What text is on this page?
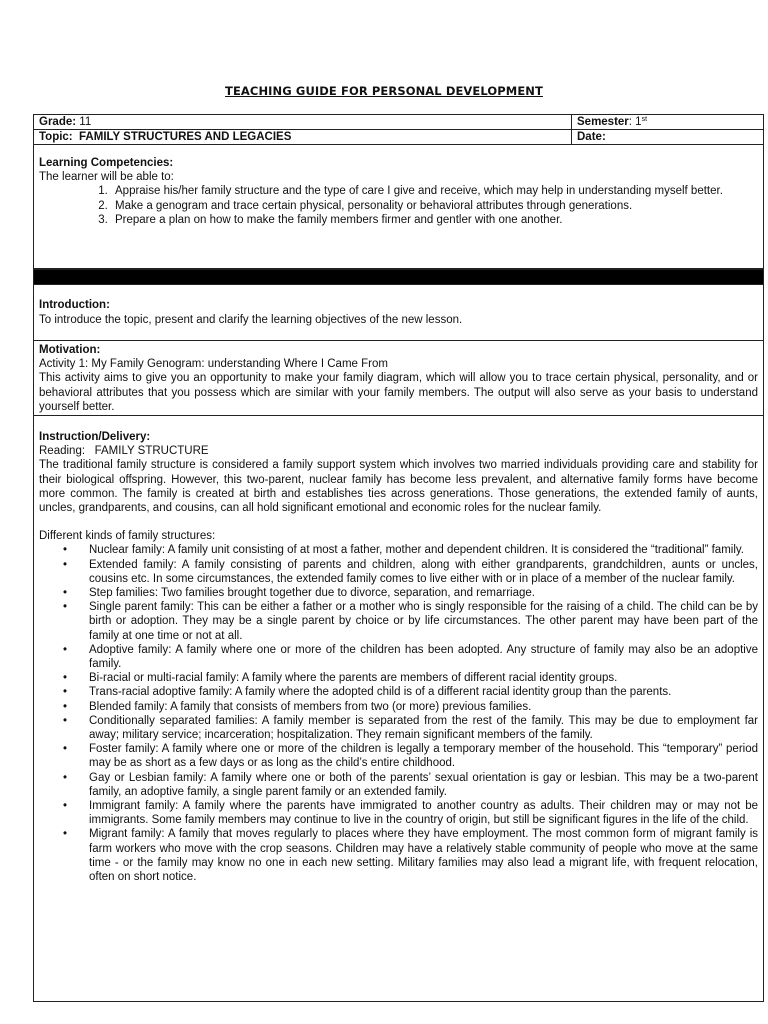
TEACHING GUIDE FOR PERSONAL DEVELOPMENT
Grade: 11	Semester: 1st
Topic: FAMILY STRUCTURES AND LEGACIES	Date:
Learning Competencies:
The learner will be able to:
1. Appraise his/her family structure and the type of care I give and receive, which may help in understanding myself better.
2. Make a genogram and trace certain physical, personality or behavioral attributes through generations.
3. Prepare a plan on how to make the family members firmer and gentler with one another.
Introduction:
To introduce the topic, present and clarify the learning objectives of the new lesson.
Motivation:
Activity 1: My Family Genogram: understanding Where I Came From
This activity aims to give you an opportunity to make your family diagram, which will allow you to trace certain physical, personality, and or behavioral attributes that you possess which are similar with your family members. The output will also serve as your basis to understand yourself better.
Instruction/Delivery:
Reading:   FAMILY STRUCTURE
The traditional family structure is considered a family support system which involves two married individuals providing care and stability for their biological offspring. However, this two-parent, nuclear family has become less prevalent, and alternative family forms have become more common. The family is created at birth and establishes ties across generations. Those generations, the extended family of aunts, uncles, grandparents, and cousins, can all hold significant emotional and economic roles for the nuclear family.
Different kinds of family structures:
• Nuclear family: A family unit consisting of at most a father, mother and dependent children. It is considered the “traditional” family.
• Extended family: A family consisting of parents and children, along with either grandparents, grandchildren, aunts or uncles, cousins etc. In some circumstances, the extended family comes to live either with or in place of a member of the nuclear family.
• Step families: Two families brought together due to divorce, separation, and remarriage.
• Single parent family: This can be either a father or a mother who is singly responsible for the raising of a child. The child can be by birth or adoption. They may be a single parent by choice or by life circumstances. The other parent may have been part of the family at one time or not at all.
• Adoptive family: A family where one or more of the children has been adopted. Any structure of family may also be an adoptive family.
• Bi-racial or multi-racial family: A family where the parents are members of different racial identity groups.
• Trans-racial adoptive family: A family where the adopted child is of a different racial identity group than the parents.
• Blended family: A family that consists of members from two (or more) previous families.
• Conditionally separated families: A family member is separated from the rest of the family. This may be due to employment far away; military service; incarceration; hospitalization. They remain significant members of the family.
• Foster family: A family where one or more of the children is legally a temporary member of the household. This “temporary” period may be as short as a few days or as long as the child’s entire childhood.
• Gay or Lesbian family: A family where one or both of the parents’ sexual orientation is gay or lesbian. This may be a two-parent family, an adoptive family, a single parent family or an extended family.
• Immigrant family: A family where the parents have immigrated to another country as adults. Their children may or may not be immigrants. Some family members may continue to live in the country of origin, but still be significant figures in the life of the child.
• Migrant family: A family that moves regularly to places where they have employment. The most common form of migrant family is farm workers who move with the crop seasons. Children may have a relatively stable community of people who move at the same time - or the family may know no one in each new setting. Military families may also lead a migrant life, with frequent relocation, often on short notice.
